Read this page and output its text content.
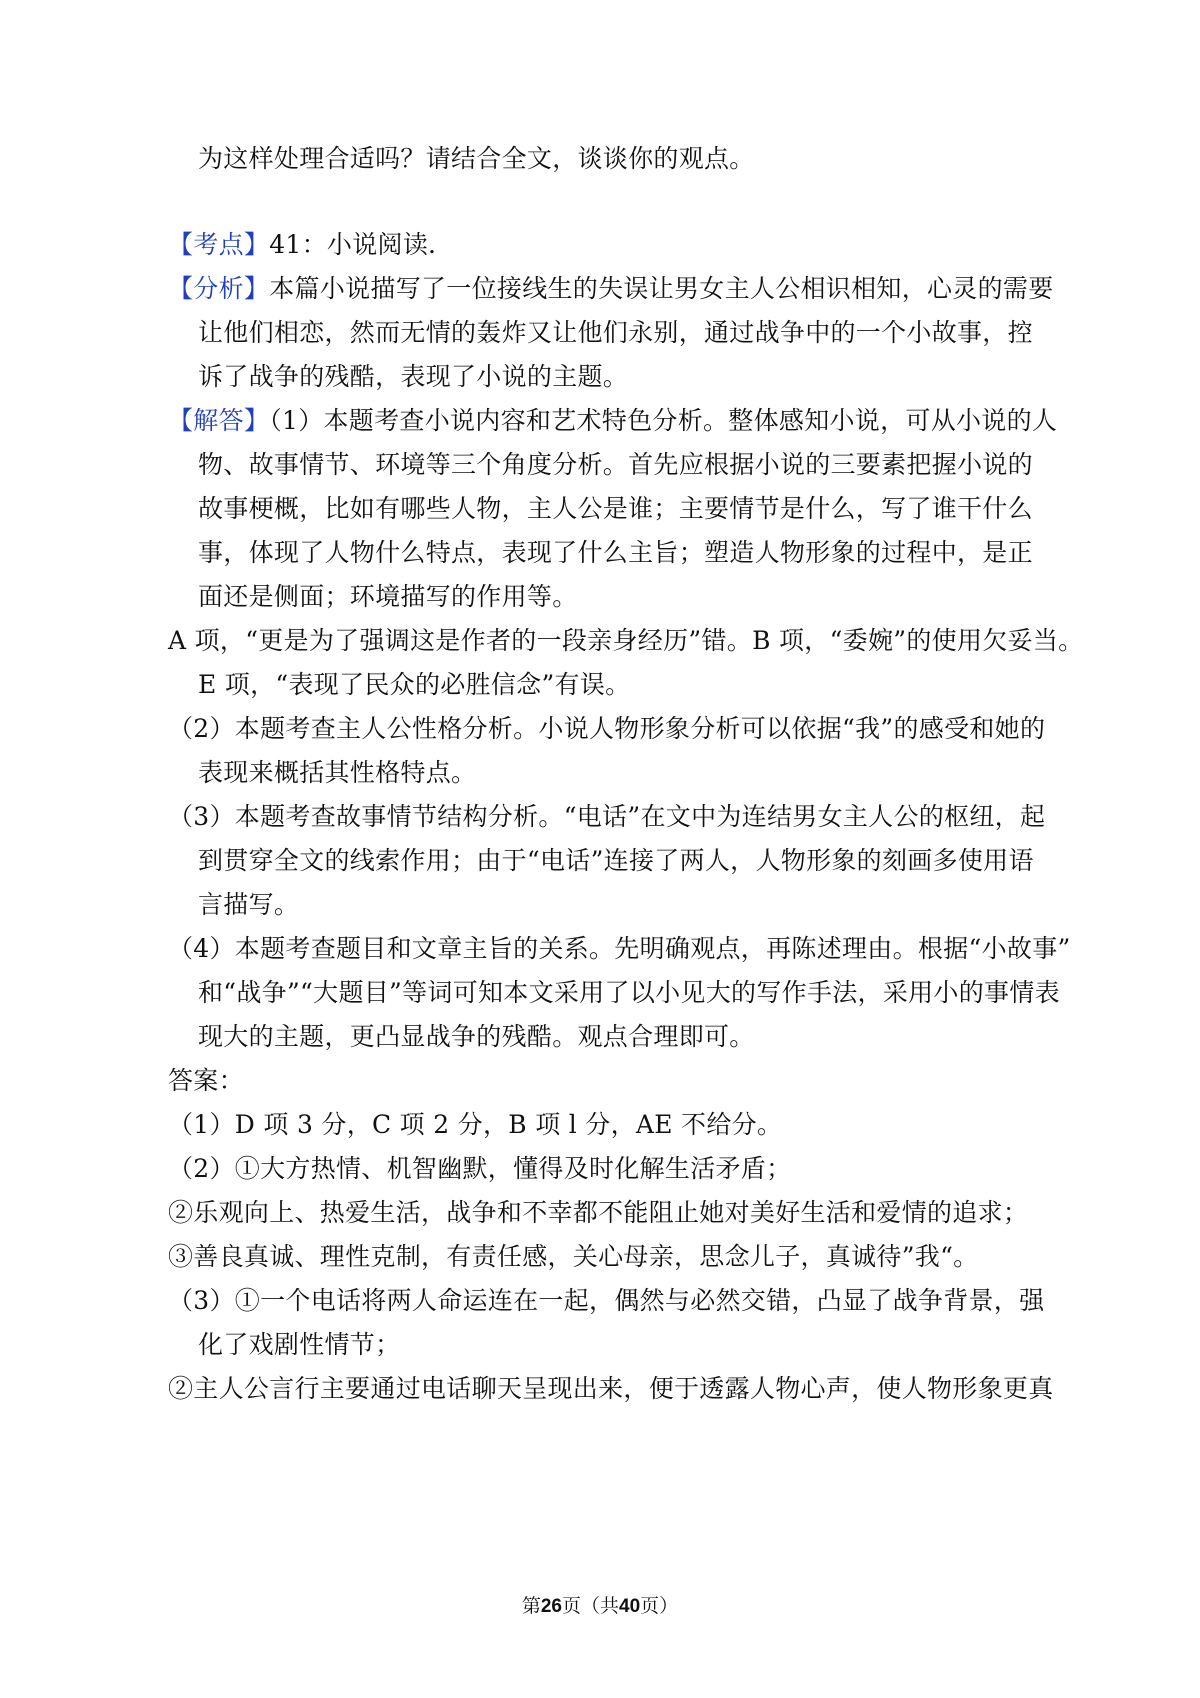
为这样处理合适吗？请结合全文，谈谈你的观点。
【考点】41：小说阅读．
【分析】本篇小说描写了一位接线生的失误让男女主人公相识相知，心灵的需要
让他们相恋，然而无情的轰炸又让他们永别，通过战争中的一个小故事，控
诉了战争的残酷，表现了小说的主题。
【解答】（1）本题考查小说内容和艺术特色分析。整体感知小说，可从小说的人
物、故事情节、环境等三个角度分析。首先应根据小说的三要素把握小说的
故事梗概，比如有哪些人物，主人公是谁；主要情节是什么，写了谁干什么
事，体现了人物什么特点，表现了什么主旨；塑造人物形象的过程中，是正
面还是侧面；环境描写的作用等。
A 项，“更是为了强调这是作者的一段亲身经历”错。B 项，“委婉”的使用欠妥当。
E 项，“表现了民众的必胜信念”有误。
（2）本题考查主人公性格分析。小说人物形象分析可以依据“我”的感受和她的
表现来概括其性格特点。
（3）本题考查故事情节结构分析。“电话”在文中为连结男女主人公的枢纽，起
到贯穿全文的线索作用；由于“电话”连接了两人，人物形象的刻画多使用语
言描写。
（4）本题考查题目和文章主旨的关系。先明确观点，再陈述理由。根据“小故事”
和“战争”“大题目”等词可知本文采用了以小见大的写作手法，采用小的事情表
现大的主题，更凸显战争的残酷。观点合理即可。
答案：
（1）D 项 3 分，C 项 2 分，B 项 l 分，AE 不给分。
（2）①大方热情、机智幽默，懂得及时化解生活矛盾；
②乐观向上、热爱生活，战争和不幸都不能阻止她对美好生活和爱情的追求；
③善良真诚、理性克制，有责任感，关心母亲，思念儿子，真诚待”我“。
（3）①一个电话将两人命运连在一起，偶然与必然交错，凸显了战争背景，强
化了戏剧性情节；
②主人公言行主要通过电话聊天呈现出来，便于透露人物心声，使人物形象更真
第26页（共40页）
